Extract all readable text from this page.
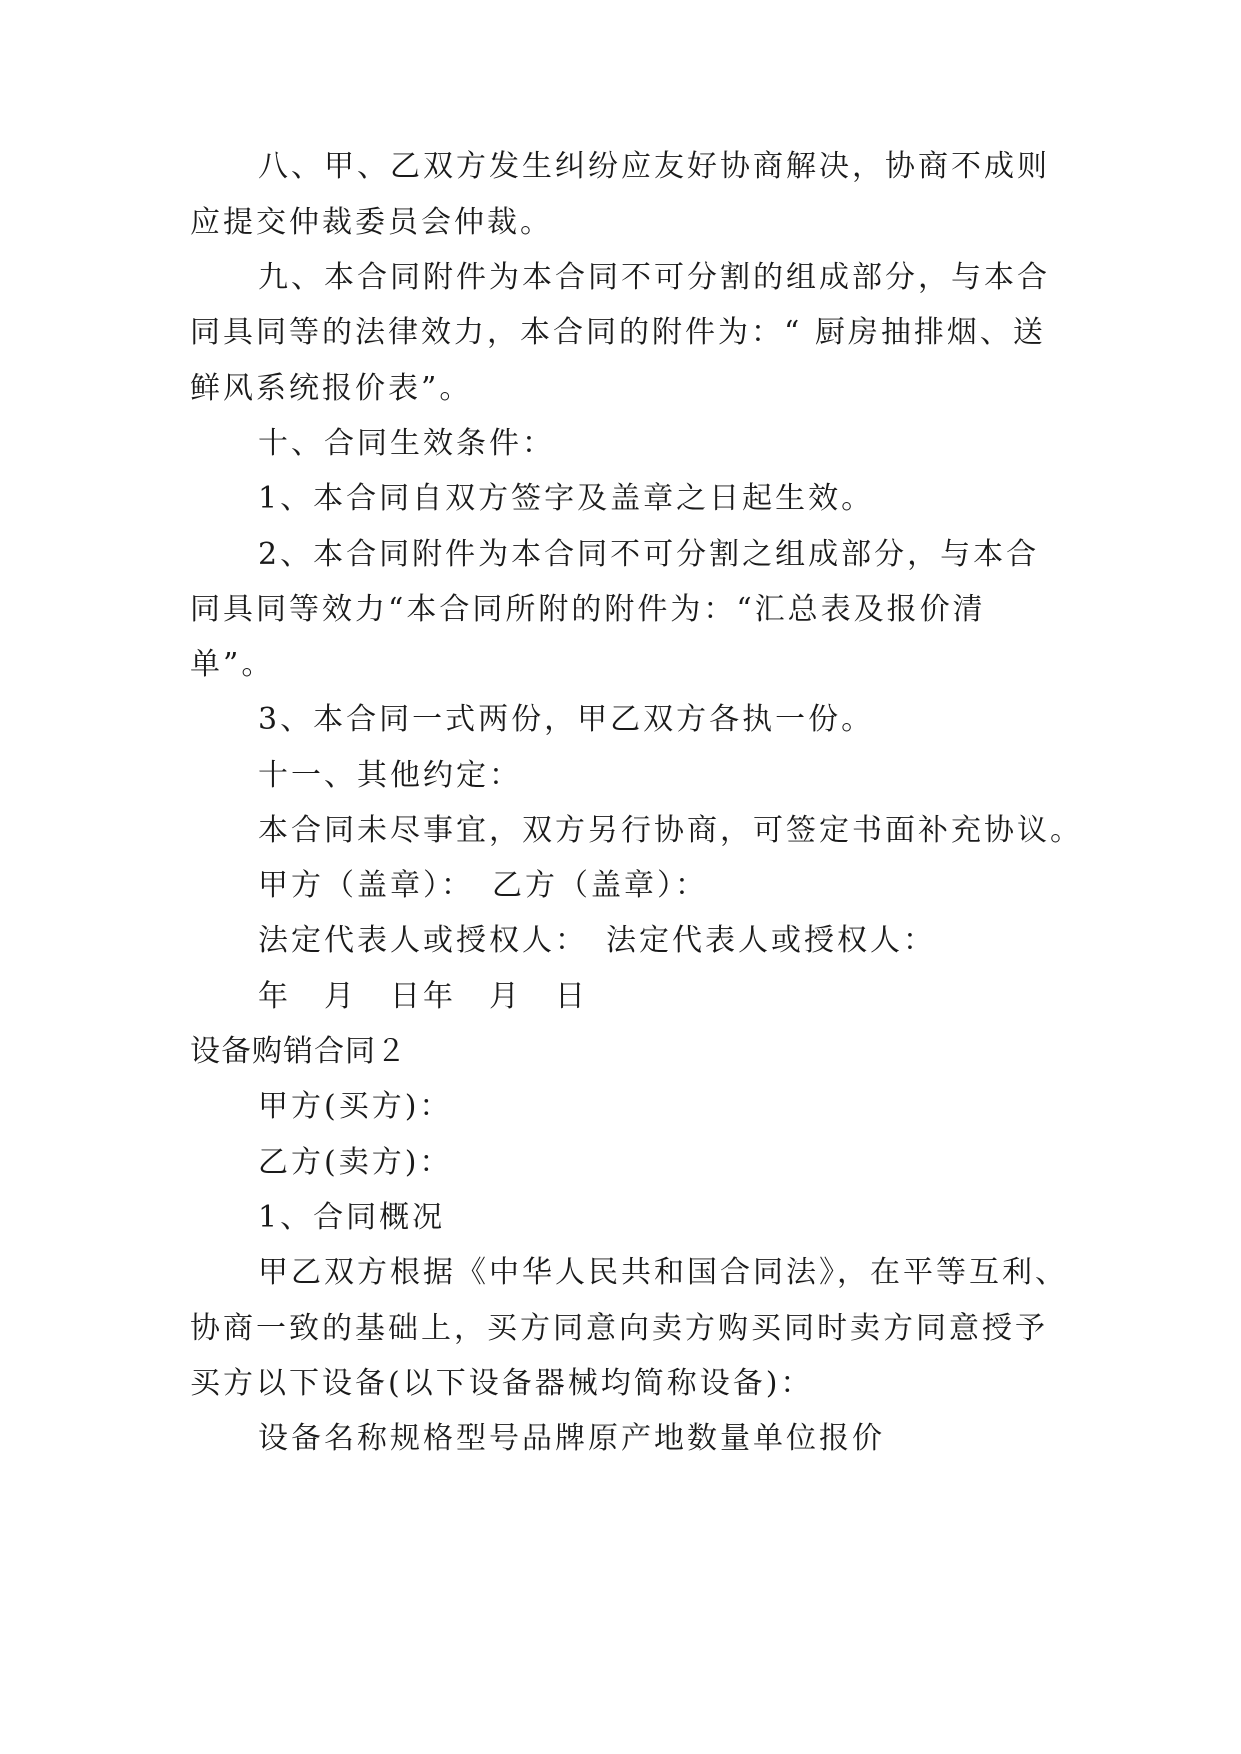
八、甲、乙双方发生纠纷应友好协商解决，协商不成则
应提交仲裁委员会仲裁。
九、本合同附件为本合同不可分割的组成部分，与本合
同具同等的法律效力，本合同的附件为：“ 厨房抽排烟、送
鲜风系统报价表”。
十、合同生效条件：
1、本合同自双方签字及盖章之日起生效。
2、本合同附件为本合同不可分割之组成部分，与本合
同具同等效力“本合同所附的附件为：“汇总表及报价清
单”。
3、本合同一式两份，甲乙双方各执一份。
十一、其他约定：
本合同未尽事宜，双方另行协商，可签定书面补充协议。
甲方（盖章）：　乙方（盖章）：
法定代表人或授权人：　法定代表人或授权人：
年　月　日年　月　日
设备购销合同２
甲方(买方)：
乙方(卖方)：
1、合同概况
甲乙双方根据《中华人民共和国合同法》，在平等互利、
协商一致的基础上，买方同意向卖方购买同时卖方同意授予
买方以下设备(以下设备器械均简称设备)：
设备名称规格型号品牌原产地数量单位报价
